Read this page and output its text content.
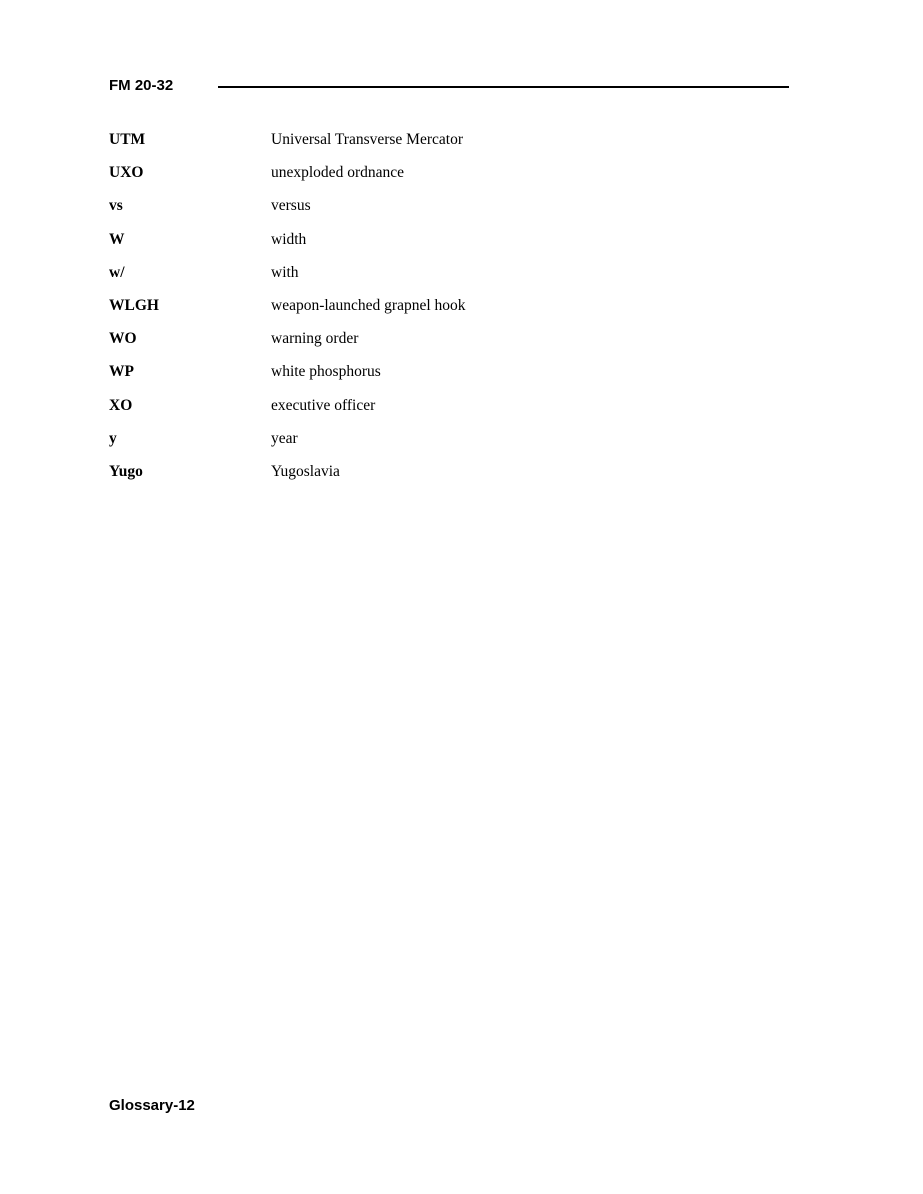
FM 20-32
UTM	Universal Transverse Mercator
UXO	unexploded ordnance
vs	versus
W	width
w/	with
WLGH	weapon-launched grapnel hook
WO	warning order
WP	white phosphorus
XO	executive officer
y	year
Yugo	Yugoslavia
Glossary-12
